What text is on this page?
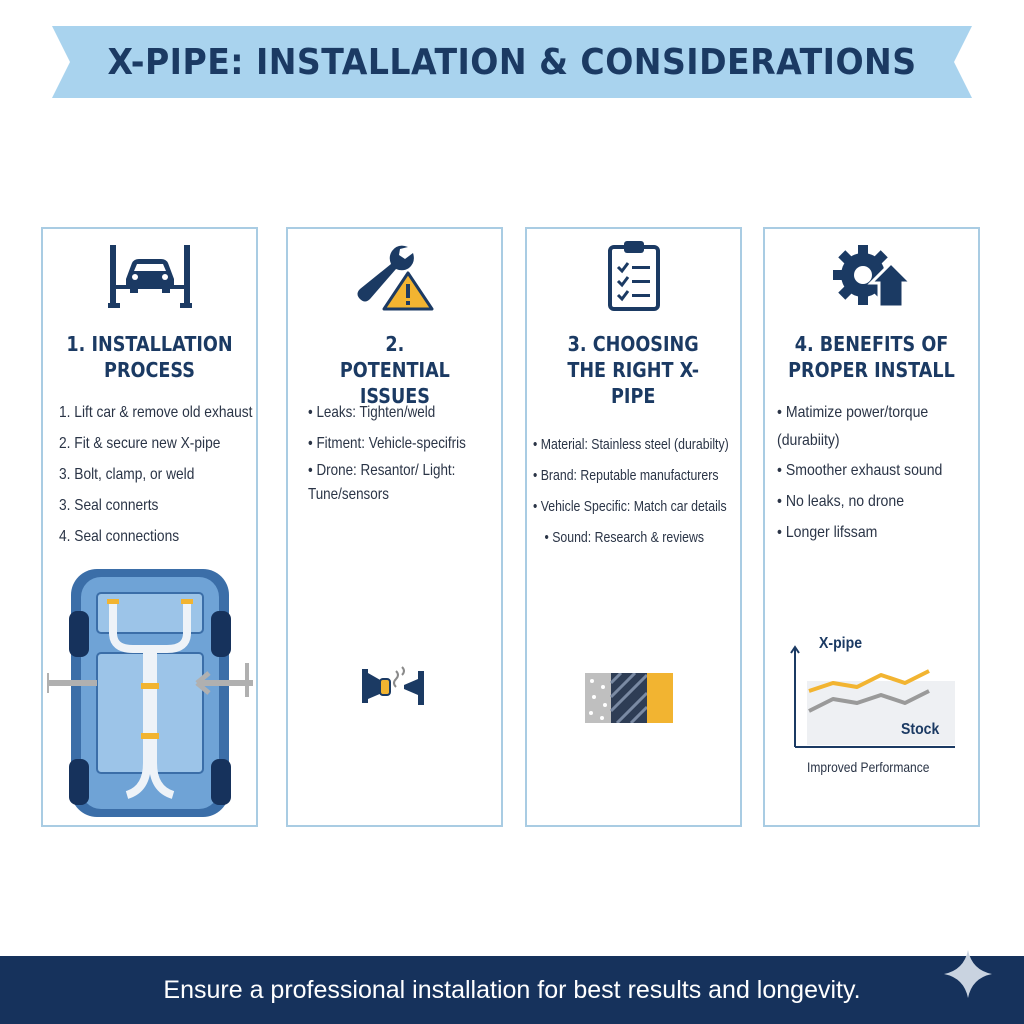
X-PIPE: INSTALLATION & CONSIDERATIONS
1. INSTALLATION PROCESS
1. Lift car & remove old exhaust
2. Fit & secure new X-pipe
3. Bolt, clamp, or weld
3. Seal connerts
4. Seal connections
2. POTENTIAL ISSUES
• Leaks: Tighten/weld
• Fitment: Vehicle-specifris
• Drone: Resantor/ Light: Tune/sensors
3. CHOOSING THE RIGHT X-PIPE
• Material: Stainless steel (durabilty)
• Brand: Reputable manufacturers
• Vehicle Specific: Match car details
• Sound: Research & reviews
4. BENEFITS OF PROPER INSTALL
• Matimize power/torque (durabiity)
• Smoother exhaust sound
• No leaks, no drone
• Longer lifssam
X-pipe
Stock
Improved Performance
Ensure a professional installation for best results and longevity.
